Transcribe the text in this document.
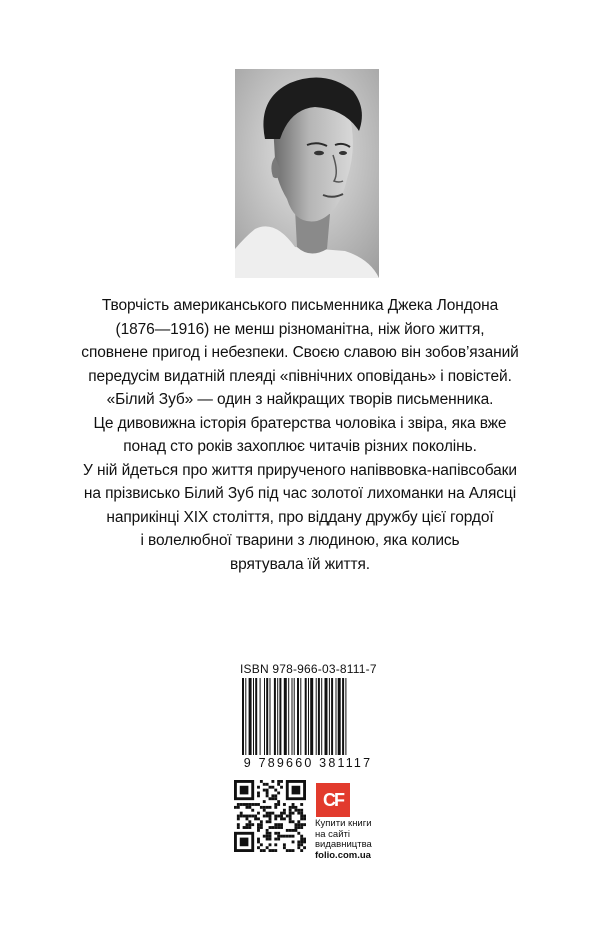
Творчість американського письменника Джека Лондона
(1876—1916) не менш різноманітна, ніж його життя,
сповнене пригод і небезпеки. Своєю славою він зобов’язаний
передусім видатній плеяді «північних оповідань» і повістей.
«Білий Зуб» — один з найкращих творів письменника.
Це дивовижна історія братерства чоловіка і звіра, яка вже
понад сто років захоплює читачів різних поколінь.
У ній йдеться про життя прирученого напіввовка-напівсобаки
на прізвисько Білий Зуб під час золотої лихоманки на Алясці
наприкінці XIX століття, про віддану дружбу цієї гордої
і волелюбної тварини з людиною, яка колись
врятувала їй життя.
ISBN 978-966-03-8111-7
9 789660 381117
CF
Купити книги
на сайті
видавництва
folio.com.ua
